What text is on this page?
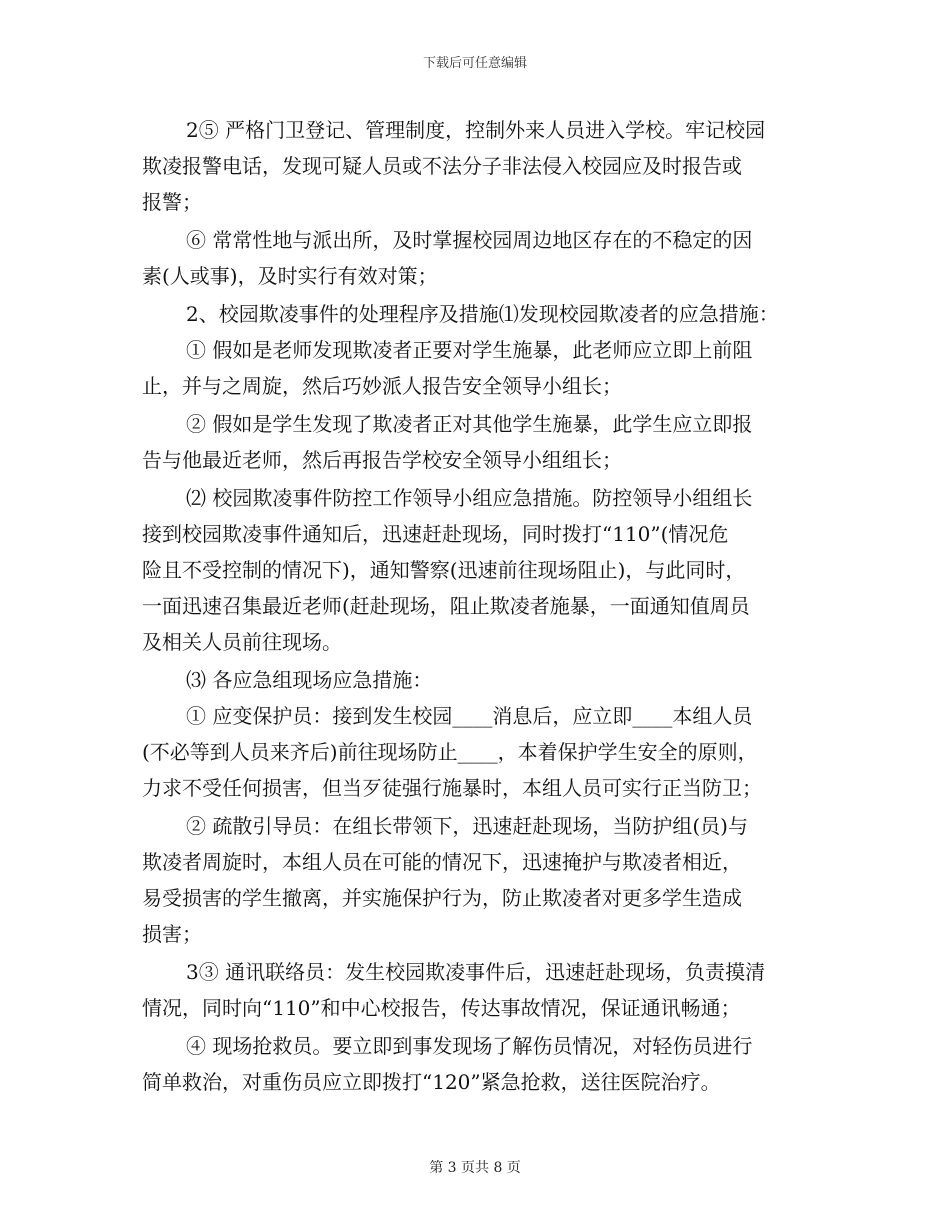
下载后可任意编辑
2⑤ 严格门卫登记、管理制度，控制外来人员进入学校。牢记校园
欺凌报警电话，发现可疑人员或不法分子非法侵入校园应及时报告或
报警；
⑥ 常常性地与派出所，及时掌握校园周边地区存在的不稳定的因
素(人或事)，及时实行有效对策；
2、校园欺凌事件的处理程序及措施⑴发现校园欺凌者的应急措施：
① 假如是老师发现欺凌者正要对学生施暴，此老师应立即上前阻
止，并与之周旋，然后巧妙派人报告安全领导小组长；
② 假如是学生发现了欺凌者正对其他学生施暴，此学生应立即报
告与他最近老师，然后再报告学校安全领导小组组长；
⑵ 校园欺凌事件防控工作领导小组应急措施。防控领导小组组长
接到校园欺凌事件通知后，迅速赶赴现场，同时拨打“110”(情况危
险且不受控制的情况下)，通知警察(迅速前往现场阻止)，与此同时，
一面迅速召集最近老师(赶赴现场，阻止欺凌者施暴，一面通知值周员
及相关人员前往现场。
⑶ 各应急组现场应急措施：
① 应变保护员：接到发生校园____消息后，应立即____本组人员
(不必等到人员来齐后)前往现场防止____，本着保护学生安全的原则，
力求不受任何损害，但当歹徒强行施暴时，本组人员可实行正当防卫；
② 疏散引导员：在组长带领下，迅速赶赴现场，当防护组(员)与
欺凌者周旋时，本组人员在可能的情况下，迅速掩护与欺凌者相近，
易受损害的学生撤离，并实施保护行为，防止欺凌者对更多学生造成
损害；
3③ 通讯联络员：发生校园欺凌事件后，迅速赶赴现场，负责摸清
情况，同时向“110”和中心校报告，传达事故情况，保证通讯畅通；
④ 现场抢救员。要立即到事发现场了解伤员情况，对轻伤员进行
简单救治，对重伤员应立即拨打“120”紧急抢救，送往医院治疗。
第 3 页共 8 页
